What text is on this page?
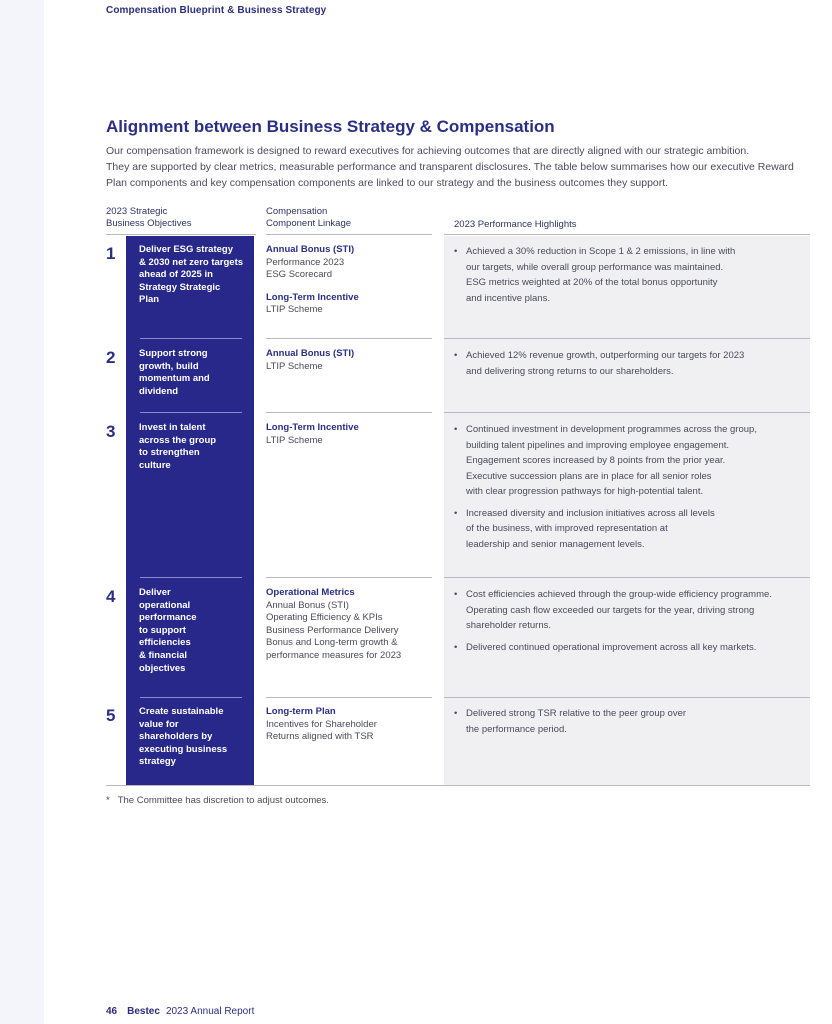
Compensation Blueprint & Business Strategy
Alignment between Business Strategy & Compensation

Our compensation framework is designed to reward executives for achieving outcomes that are directly aligned with our strategic ambition.

They are supported by clear metrics, measurable performance and transparent disclosures. The table below summarises how our executive Reward

Plan components and key compensation components are linked to our strategy and the business outcomes they support.

2023 Strategic
Business Objectives
Compensation
Component Linkage	2023 Performance Highlights
1 Deliver ESG strategy
& 2030 net zero targets
ahead of 2025 in
Strategy Strategic
Plan
Annual Bonus (STI)
Performance 2023
ESG Scorecard
Long-Term Incentive
LTIP Scheme
• Achieved a 30% reduction in Scope 1 & 2 emissions, in line with
our targets, while overall group performance was maintained.
ESG metrics weighted at 20% of the total bonus opportunity
and incentive plans.
2 Support strong
growth, build
momentum and
dividend
Annual Bonus (STI)
LTIP Scheme
• Achieved 12% revenue growth, outperforming our targets for 2023
and delivering strong returns to our shareholders.
3 Invest in talent
across the group
to strengthen
culture
Long-Term Incentive
LTIP Scheme
• Continued investment in development programmes across the group,
building talent pipelines and improving employee engagement.
Engagement scores increased by 8 points from the prior year.
Executive succession plans are in place for all senior roles
with clear progression pathways for high-potential talent.
• Increased diversity and inclusion initiatives across all levels
of the business, with improved representation at
leadership and senior management levels.
4 Deliver
operational
performance
to support
efficiencies
& financial
objectives
Operational Metrics
Annual Bonus (STI)
Operating Efficiency & KPIs
Business Performance Delivery
Bonus and Long-term growth &
performance measures for 2023
• Cost efficiencies achieved through the group-wide efficiency programme.
Operating cash flow exceeded our targets for the year, driving strong
shareholder returns.
• Delivered continued operational improvement across all key markets.
5 Create sustainable
value for
shareholders by
executing business
strategy
Long-term Plan
Incentives for Shareholder
Returns aligned with TSR
• Delivered strong TSR relative to the peer group over
the performance period.
* The Committee has discretion to adjust outcomes.
46 Bestec 2023 Annual Report
